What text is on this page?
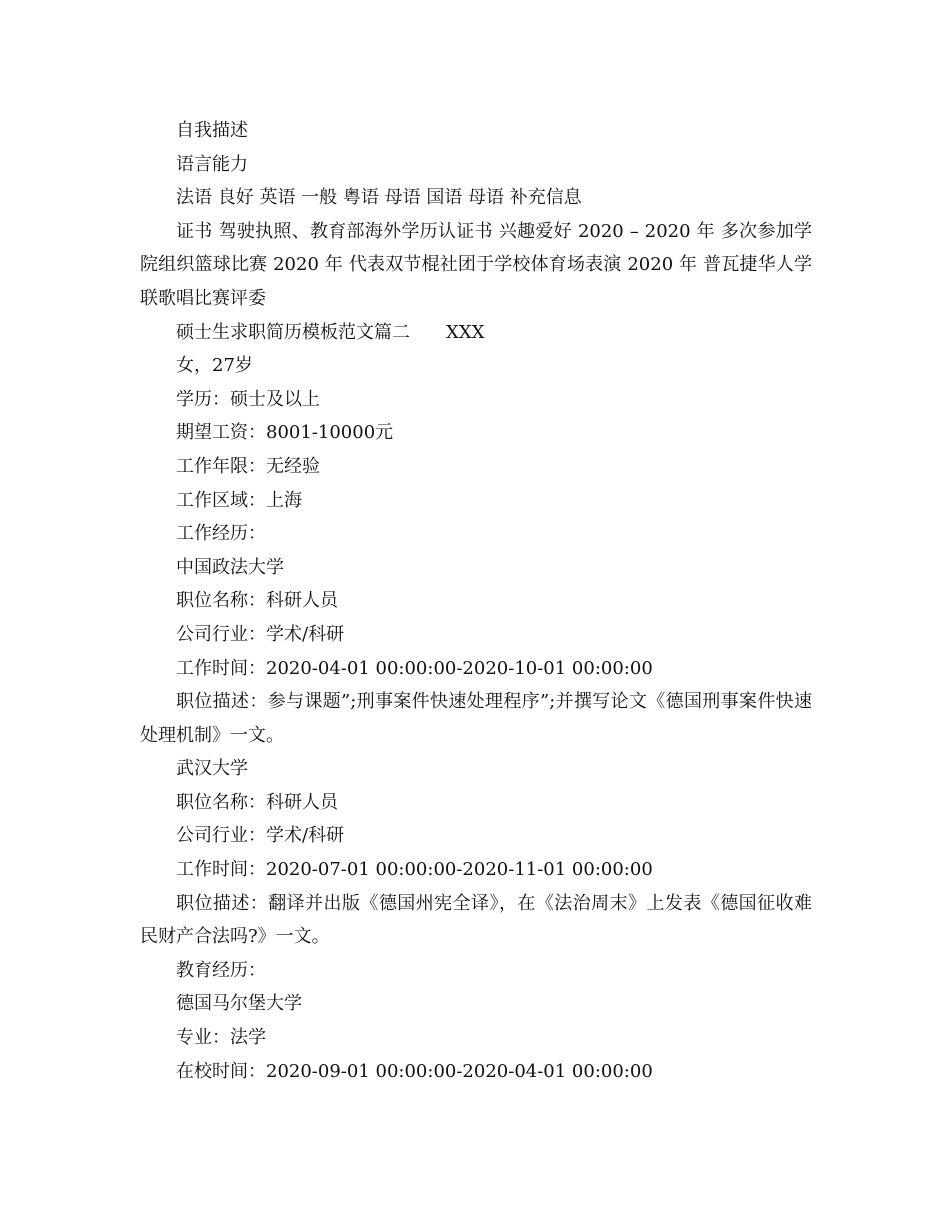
自我描述

语言能力

法语 良好 英语 一般 粤语 母语 国语 母语 补充信息

证书 驾驶执照、教育部海外学历认证书 兴趣爱好 2020 – 2020 年 多次参加学院组织篮球比赛 2020 年 代表双节棍社团于学校体育场表演 2020 年 普瓦捷华人学联歌唱比赛评委

硕士生求职简历模板范文篇二 XXX

女，27岁

学历：硕士及以上

期望工资：8001-10000元

工作年限：无经验

工作区域：上海

工作经历：

中国政法大学

职位名称：科研人员

公司行业：学术/科研

工作时间：2020-04-01 00:00:00-2020-10-01 00:00:00

职位描述：参与课题”;刑事案件快速处理程序”;并撰写论文《德国刑事案件快速处理机制》一文。

武汉大学

职位名称：科研人员

公司行业：学术/科研

工作时间：2020-07-01 00:00:00-2020-11-01 00:00:00

职位描述：翻译并出版《德国州宪全译》，在《法治周末》上发表《德国征收难民财产合法吗?》一文。

教育经历：

德国马尔堡大学

专业：法学

在校时间：2020-09-01 00:00:00-2020-04-01 00:00:00
